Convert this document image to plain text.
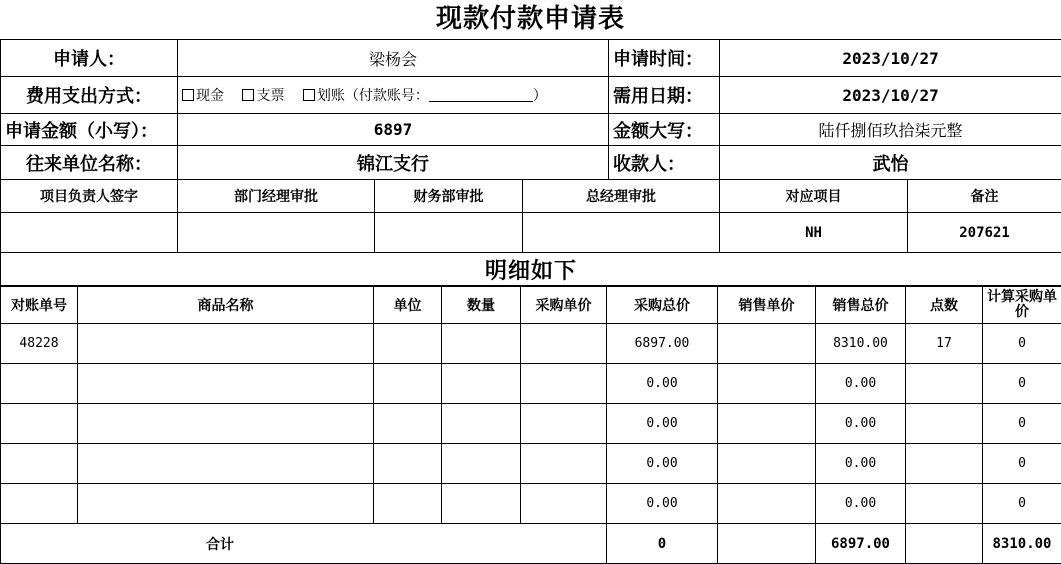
现款付款申请表
申请人：	梁杨会			申请时间：	2023/10/27	
费用支出方式：	现金 支票 划账（付款账号： ）			需用日期：	2023/10/27	
申请金额（小写）：	6897			金额大写：	陆仟捌佰玖拾柒元整	
往来单位名称：	锦江支行			收款人：	武怡	
项目负责人签字	部门经理审批	财务部审批	总经理审批		对应项目	备注
					NH	207621
明细如下						
对账单号	商品名称	单位	数量	采购单价	采购总价	销售单价	销售总价	点数	计算采购单价
48228					6897.00		8310.00	17	0
					0.00		0.00		0
					0.00		0.00		0
					0.00		0.00		0
					0.00		0.00		0
合计					0		6897.00		8310.00
